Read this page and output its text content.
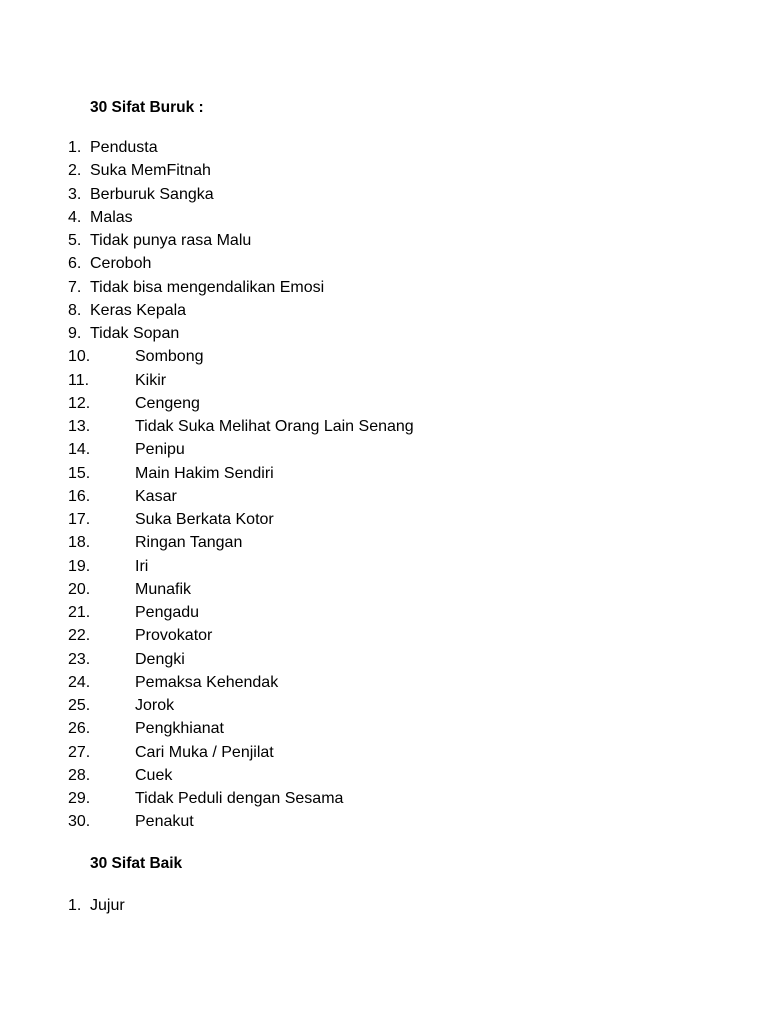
30 Sifat Buruk :
1. Pendusta
2. Suka MemFitnah
3. Berburuk Sangka
4. Malas
5. Tidak punya rasa Malu
6. Ceroboh
7. Tidak bisa mengendalikan Emosi
8. Keras Kepala
9. Tidak Sopan
10.	Sombong
11.	Kikir
12.	Cengeng
13.	Tidak Suka Melihat Orang Lain Senang
14.	Penipu
15.	Main Hakim Sendiri
16.	Kasar
17.	Suka Berkata Kotor
18.	Ringan Tangan
19.	Iri
20.	Munafik
21.	Pengadu
22.	Provokator
23.	Dengki
24.	Pemaksa Kehendak
25.	Jorok
26.	Pengkhianat
27.	Cari Muka / Penjilat
28.	Cuek
29.	Tidak Peduli dengan Sesama
30.	Penakut
30 Sifat Baik
1. Jujur
